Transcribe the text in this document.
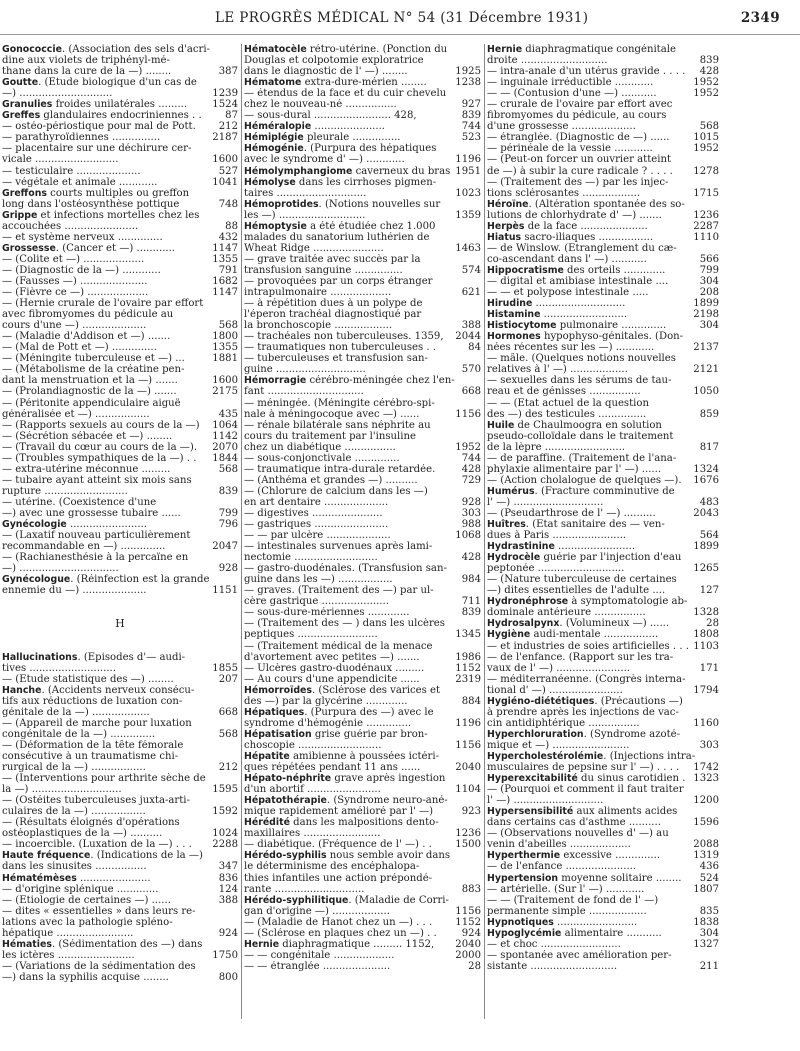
LE PROGRÈS MÉDICAL N° 54 (31 Décembre 1931)	2349
Gonococcie. (Association des sels d'acri-
dine aux violets de triphényl-mé-
thane dans la cure de la —) ........	387
Goutte. (Etude biologique d'un cas de
—) .............................	1239
Granulies froides unilatérales .........	1524
Greffes glandulaires endocriniennes . .	87
— ostéo-périostique pour mal de Pott.	212
— parathyroïdiennes ...............	2187
— placentaire sur une déchirure cer-
vicale ..........................	1600
— testiculaire ....................	527
— végétale et animale ............	1041
Greffons courts multiples ou greffon
long dans l'ostéosynthèse pottique	748
Grippe et infections mortelles chez les
accouchées .......................	88
— et système nerveux ..............	432
Grossesse. (Cancer et —) ............	1147
— (Colite et —) ...................	1355
— (Diagnostic de la —) ............	791
— (Fausses —) .....................	1682
— (Fièvre ce —) ...................	1147
— (Hernie crurale de l'ovaire par effort
avec fibromyomes du pédicule au
cours d'une —) ....................	568
— (Maladie d'Addison et —) .......	1800
— (Mal de Pott et —) ..............	1355
— (Méningite tuberculeuse et —) ...	1881
— (Métabolisme de la créatine pen-
dant la menstruation et la —) .......	1600
— (Prolandiagnostic de la —) .......	2175
— (Péritonite appendiculaire aiguë
généralisée et —) .................	435
— (Rapports sexuels au cours de la —)	1064
— (Sécrétion sébacée et —) ........	1142
— (Travail du cœur au cours de la —).	2070
— (Troubles sympathiques de la —) . .	1844
— extra-utérine méconnue .........	568
— tubaire ayant atteint six mois sans
rupture ..........................	839
— utérine. (Coexistence d'une
—) avec une grossesse tubaire ......	799
Gynécologie ........................	796
— (Laxatif nouveau particulièrement
recommandable en —) ..............	2047
— (Rachianesthésie à la percaïne en
—) ...............................	928
Gynécologue. (Réinfection est la grande
ennemie du —) ....................	1151
H
Hallucinations. (Episodes d'— audi-
tives ...........................	1855
— (Etude statistique des —) ........	207
Hanche. (Accidents nerveux consécu-
tifs aux réductions de luxation con-
génitale de la —) ..................	668
— (Appareil de marche pour luxation
congénitale de la —) ..............	568
— (Déformation de la tête fémorale
consécutive à un traumatisme chi-
rurgical de la —) .................	212
— (Interventions pour arthrite sèche de
la —) ............................	1595
— (Ostéites tuberculeuses juxta-arti-
culaires de la —) .................	1592
— (Résultats éloignés d'opérations
ostéoplastiques de la —) ..........	1024
— incoercible. (Luxation de la —) . . .	2288
Haute fréquence. (Indications de la —)
dans les sinusites ................	347
Hématémèses ......................	836
— d'origine splénique .............	124
— (Etiologie de certaines —) ......	388
— dites « essentielles » dans leurs re-
lations avec la pathologie spléno-
hépatique ........................	924
Hématies. (Sédimentation des —) dans
les ictères ........................	1750
— (Variations de la sédimentation des
—) dans la syphilis acquise ........	800
Hématocèle rétro-utérine. (Ponction du
Douglas et colpotomie exploratrice
dans le diagnostic de l' —) ........	1925
Hématome extra-dure-mérien ........	1238
— étendus de la face et du cuir chevelu
chez le nouveau-né ................	927
— sous-dural ........................ 428,	839
Héméralopie ......................	744
Hémiplégie pleurale ...............	523
Hémogénie. (Purpura des hépatiques
avec le syndrome d' —) ............	1196
Hémolymphangiome caverneux du bras 1951
Hémolyse dans les cirrhoses pigmen-
taires ............................	1023
Hémoprotides. (Notions nouvelles sur
les —) ...........................	1359
Hémoptysie a été étudiée chez 1.000
malades du sanatorium luthérien de
Wheat Ridge ......................	1463
— grave traitée avec succès par la
transfusion sanguine ...............	574
— provoquées par un corps étranger
intrapulmonaire ...................	621
— à répétition dues à un polype de
l'éperon trachéal diagnostiqué par
la bronchoscopie ..................	388
— trachéales non tuberculeuses. 1359,	2044
— traumatiques non tuberculeuses . .	84
— tuberculeuses et transfusion san-
guine ............................	570
Hémorragie cérébro-méningée chez l'en-
fant ..............................	668
— méningée. (Méningite cérébro-spi-
nale à méningocoque avec —) ......	1156
— rénale bilatérale sans néphrite au
cours du traitement par l'insuline
chez un diabétique ................	1952
— sous-conjonctivale ..............	744
— traumatique intra-durale retardée.	428
— (Anthéma et grandes —) ..........	729
— (Chlorure de calcium dans les —)
en art dentaire ....................	928
— digestives ......................	303
— gastriques .......................	988
— — par ulcère ....................	1068
— intestinales survenues après lami-
nectomie ..........................	428
— gastro-duodénales. (Transfusion san-
guine dans les —) .................	984
— graves. (Traitement des —) par ul-
cère gastrique .....................	711
— sous-dure-mériennes .............	839
— (Traitement des — ) dans les ulcères
peptiques .........................	1345
— (Traitement médical de la menace
d'avortement avec petites —) .......	1986
— Ulcères gastro-duodénaux .........	1152
— Au cours d'une appendicite ......	2319
Hémorroïdes. (Sclérose des varices et
des —) par la glycérine .............	884
Hépatiques. (Purpura des —) avec le
syndrome d'hémogénie ..............	1196
Hépatisation grise guérie par bron-
choscopie ..........................	1156
Hépatite amibienne à poussées ictéri-
ques répétées pendant 11 ans ......	2040
Hépato-néphrite grave après ingestion
d'un abortif .......................	1104
Hépatothérapie. (Syndrome neuro-ané-
mique rapidement amélioré par l' —)	923
Hérédité dans les malpositions dento-
maxillaires ........................	1236
— diabétique. (Fréquence de l' —) . .	1500
Hérédo-syphilis nous semble avoir dans
le déterminisme des encéphalopa-
thies infantiles une action prépondé-
rante ............................	883
Hérédo-syphilitique. (Maladie de Corri-
gan d'origine —) ..................	1156
— (Maladie de Hanot chez un —) . . .	1152
— (Sclérose en plaques chez un —) . .	924
Hernie diaphragmatique ......... 1152,	2040
— — congénitale ...................	2000
— — étranglée .....................	28
Hernie diaphragmatique congénitale
droite ...........................	839
— intra-anale d'un utérus gravide . . . .	428
— inguinale irréductible ............	1952
— — (Contusion d'une —) ...........	1952
— crurale de l'ovaire par effort avec
fibromyomes du pédicule, au cours
d'une grossesse ....................	568
— étranglée. (Diagnostic de —) ......	1015
— périnéale de la vessie ............	1952
— (Peut-on forcer un ouvrier atteint
de —) à subir la cure radicale ? . . . .	1278
— (Traitement des —) par les injec-
tions sclérosantes ..................	1715
Héroïne. (Altération spontanée des so-
lutions de chlorhydrate d' —) .......	1236
Herpès de la face .....................	2287
Hiatus sacro-iliaques .................	1110
— de Winslow. (Etranglement du cæ-
co-ascendant dans l' —) ...........	566
Hippocratisme des orteils .............	799
— digital et amibiase intestinale ....	304
— — et polypose intestinale .....	208
Hirudine ............................	1899
Histamine ..........................	2198
Histiocytome pulmonaire ..............	304
Hormones hypophyso-génitales. (Don-
nées récentes sur les —) ............	2137
— mâle. (Quelques notions nouvelles
relatives à l' —) ..................	2121
— sexuelles dans les sérums de tau-
reau et de génisses ................	1050
— — (Etat actuel de la question
des —) des testicules ...............	859
Huile de Chaulmoogra en solution
pseudo-colloïdale dans le traitement
de la lèpre .........................	817
— de paraffine. (Traitement de l'ana-
phylaxie alimentaire par l' —) ......	1324
— (Action cholalogue de quelques —).	1676
Humérus. (Fracture comminutive de
l' —) ............................	483
— (Pseudarthrose de l' —) ..........	2043
Huîtres. (Etat sanitaire des — ven-
dues à Paris .......................	564
Hydrastinine ........................	1899
Hydrocèle guérie par l'injection d'eau
peptonée ...........................	1265
— (Nature tuberculeuse de certaines
—) dites essentielles de l'adulte ....	127
Hydronéphrose à symptomatologie ab-
dominale antérieure ................	1328
Hydrosalpynx. (Volumineux —) ......	28
Hygiène audi-mentale .................	1808
— et industries de soies artificielles . . . 1103
— de l'enfance. (Rapport sur les tra-
vaux de l' —) .......................	171
— méditerranéenne. (Congrès interna-
tional d' —) .......................	1794
Hygiéno-diététiques. (Précautions —)
à prendre après les injections de vac-
cin antidiphtérique ................	1160
Hyperchloruration. (Syndrome azoté-
mique et —) ........................	303
Hypercholestérolémie. (Injections intra-
musculaires de pepsine sur l' —) . . . .	1742
Hyperexcitabilité du sinus carotidien . 1323
— (Pourquoi et comment il faut traiter
l' —) ............................	1200
Hypersensibilité aux aliments acides
dans certains cas d'asthme ..........	1596
— (Observations nouvelles d' —) au
venin d'abeilles ...................	2088
Hyperthermie excessive ..............	1319
— de l'enfance ......................	436
Hypertension moyenne solitaire ........	524
— artérielle. (Sur l' —) ............	1807
— — (Traitement de fond de l' —)
permanente simple ..................	835
Hypnotiques .........................	1838
Hypoglycémie alimentaire ...........	304
— et choc .........................	1327
— spontanée avec amélioration per-
sistante ...........................	211
